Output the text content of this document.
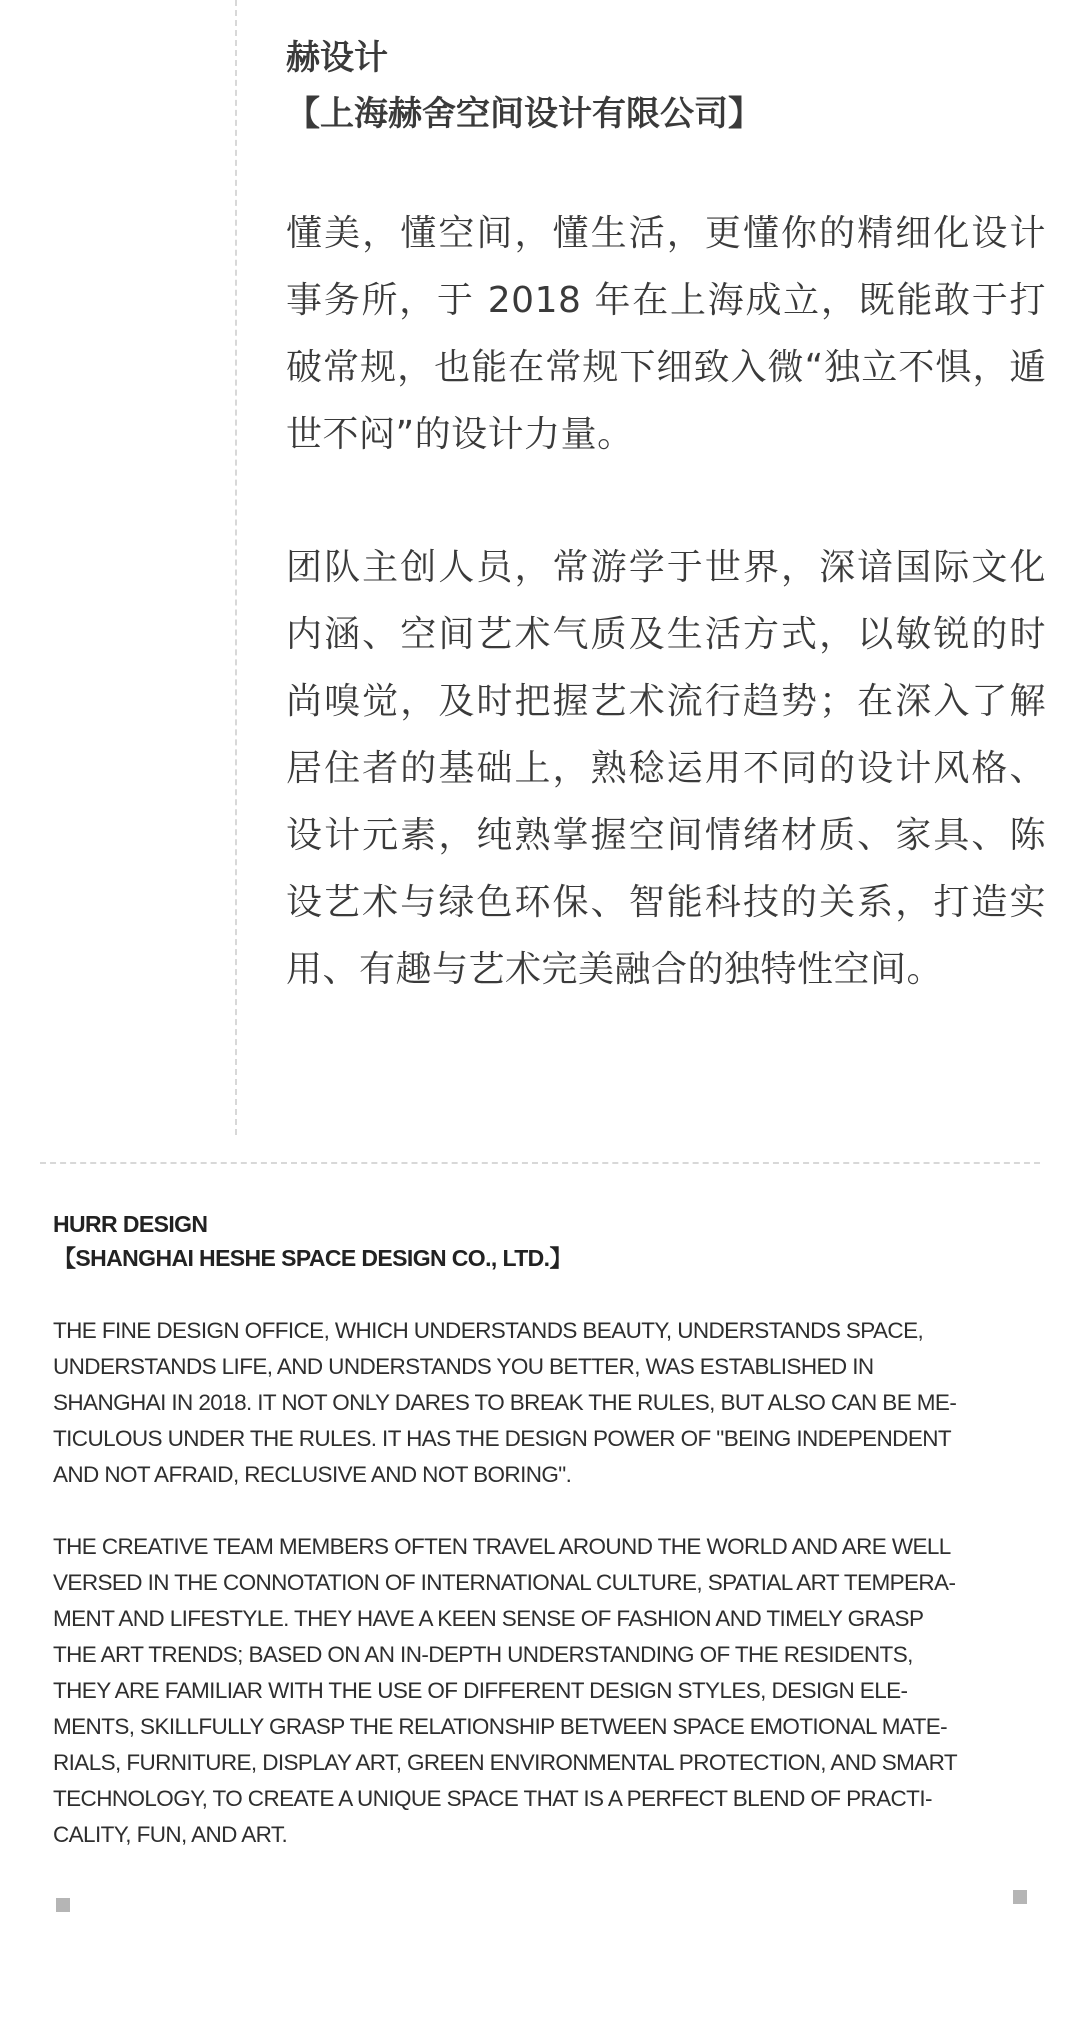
赫设计
【上海赫舍空间设计有限公司】

懂美，懂空间，懂生活，更懂你的精细化设计事务所，于 2018 年在上海成立，既能敢于打破常规，也能在常规下细致入微“独立不惧，遁世不闷”的设计力量。

团队主创人员，常游学于世界，深谙国际文化内涵、空间艺术气质及生活方式，以敏锐的时尚嗅觉，及时把握艺术流行趋势；在深入了解居住者的基础上，熟稔运用不同的设计风格、设计元素，纯熟掌握空间情绪材质、家具、陈设艺术与绿色环保、智能科技的关系，打造实用、有趣与艺术完美融合的独特性空间。

HURR DESIGN
【SHANGHAI HESHE SPACE DESIGN CO., LTD.】

THE FINE DESIGN OFFICE, WHICH UNDERSTANDS BEAUTY, UNDERSTANDS SPACE,
UNDERSTANDS LIFE, AND UNDERSTANDS YOU BETTER, WAS ESTABLISHED IN
SHANGHAI IN 2018. IT NOT ONLY DARES TO BREAK THE RULES, BUT ALSO CAN BE ME-
TICULOUS UNDER THE RULES. IT HAS THE DESIGN POWER OF "BEING INDEPENDENT
AND NOT AFRAID, RECLUSIVE AND NOT BORING".

THE CREATIVE TEAM MEMBERS OFTEN TRAVEL AROUND THE WORLD AND ARE WELL
VERSED IN THE CONNOTATION OF INTERNATIONAL CULTURE, SPATIAL ART TEMPERA-
MENT AND LIFESTYLE. THEY HAVE A KEEN SENSE OF FASHION AND TIMELY GRASP
THE ART TRENDS; BASED ON AN IN-DEPTH UNDERSTANDING OF THE RESIDENTS,
THEY ARE FAMILIAR WITH THE USE OF DIFFERENT DESIGN STYLES, DESIGN ELE-
MENTS, SKILLFULLY GRASP THE RELATIONSHIP BETWEEN SPACE EMOTIONAL MATE-
RIALS, FURNITURE, DISPLAY ART, GREEN ENVIRONMENTAL PROTECTION, AND SMART
TECHNOLOGY, TO CREATE A UNIQUE SPACE THAT IS A PERFECT BLEND OF PRACTI-
CALITY, FUN, AND ART.
